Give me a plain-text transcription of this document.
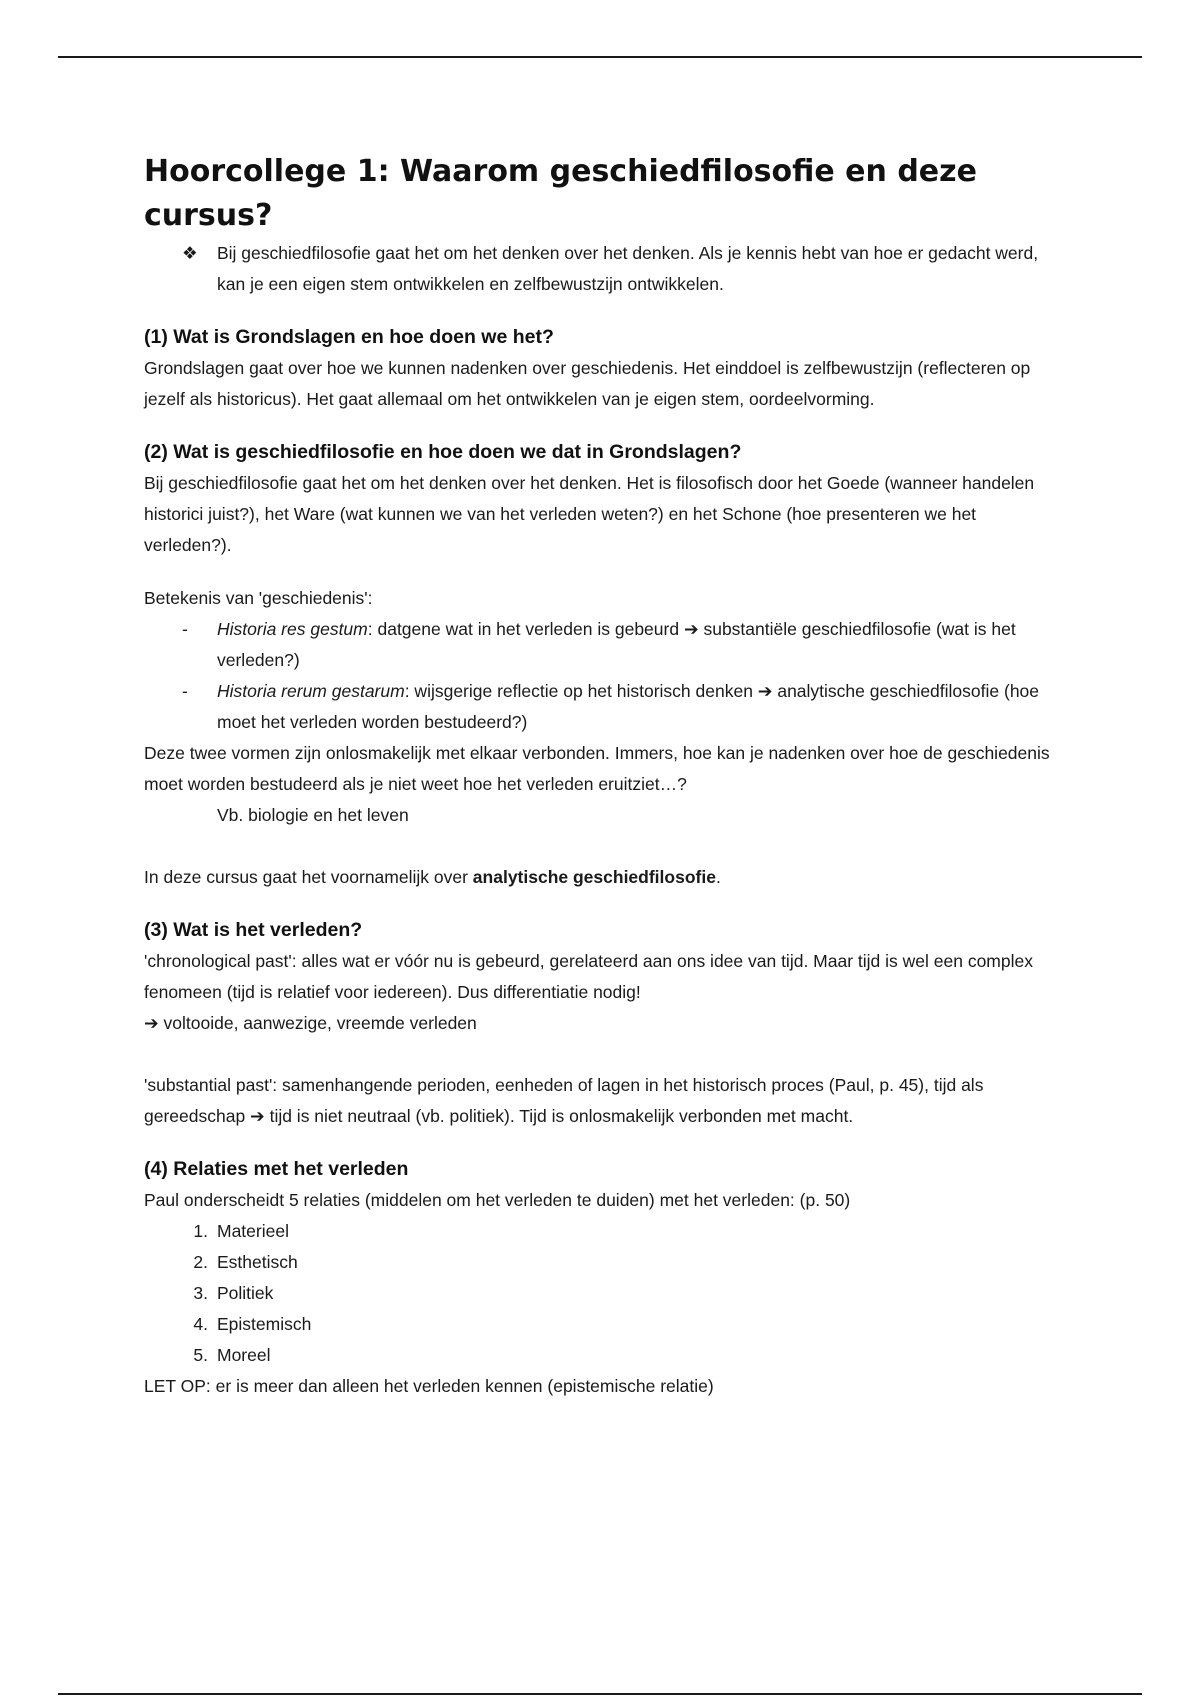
Hoorcollege 1: Waarom geschiedfilosofie en deze cursus?
❖	Bij geschiedfilosofie gaat het om het denken over het denken. Als je kennis hebt van hoe er gedacht werd, kan je een eigen stem ontwikkelen en zelfbewustzijn ontwikkelen.
(1) Wat is Grondslagen en hoe doen we het?

Grondslagen gaat over hoe we kunnen nadenken over geschiedenis. Het einddoel is zelfbewustzijn (reflecteren op jezelf als historicus). Het gaat allemaal om het ontwikkelen van je eigen stem, oordeelvorming.

(2) Wat is geschiedfilosofie en hoe doen we dat in Grondslagen?

Bij geschiedfilosofie gaat het om het denken over het denken. Het is filosofisch door het Goede (wanneer handelen historici juist?), het Ware (wat kunnen we van het verleden weten?) en het Schone (hoe presenteren we het verleden?).

Betekenis van 'geschiedenis':

-	Historia res gestum: datgene wat in het verleden is gebeurd ➔ substantiële geschiedfilosofie (wat is het verleden?)
-	Historia rerum gestarum: wijsgerige reflectie op het historisch denken ➔ analytische geschiedfilosofie (hoe moet het verleden worden bestudeerd?)

Deze twee vormen zijn onlosmakelijk met elkaar verbonden. Immers, hoe kan je nadenken over hoe de geschiedenis moet worden bestudeerd als je niet weet hoe het verleden eruitziet…?

Vb. biologie en het leven

In deze cursus gaat het voornamelijk over analytische geschiedfilosofie.

(3) Wat is het verleden?

'chronological past': alles wat er vóór nu is gebeurd, gerelateerd aan ons idee van tijd. Maar tijd is wel een complex fenomeen (tijd is relatief voor iedereen). Dus differentiatie nodig!

➔ voltooide, aanwezige, vreemde verleden

'substantial past': samenhangende perioden, eenheden of lagen in het historisch proces (Paul, p. 45), tijd als gereedschap ➔ tijd is niet neutraal (vb. politiek). Tijd is onlosmakelijk verbonden met macht.

(4) Relaties met het verleden

Paul onderscheidt 5 relaties (middelen om het verleden te duiden) met het verleden: (p. 50)

1. Materieel
2. Esthetisch
3. Politiek
4. Epistemisch
5. Moreel

LET OP: er is meer dan alleen het verleden kennen (epistemische relatie)
